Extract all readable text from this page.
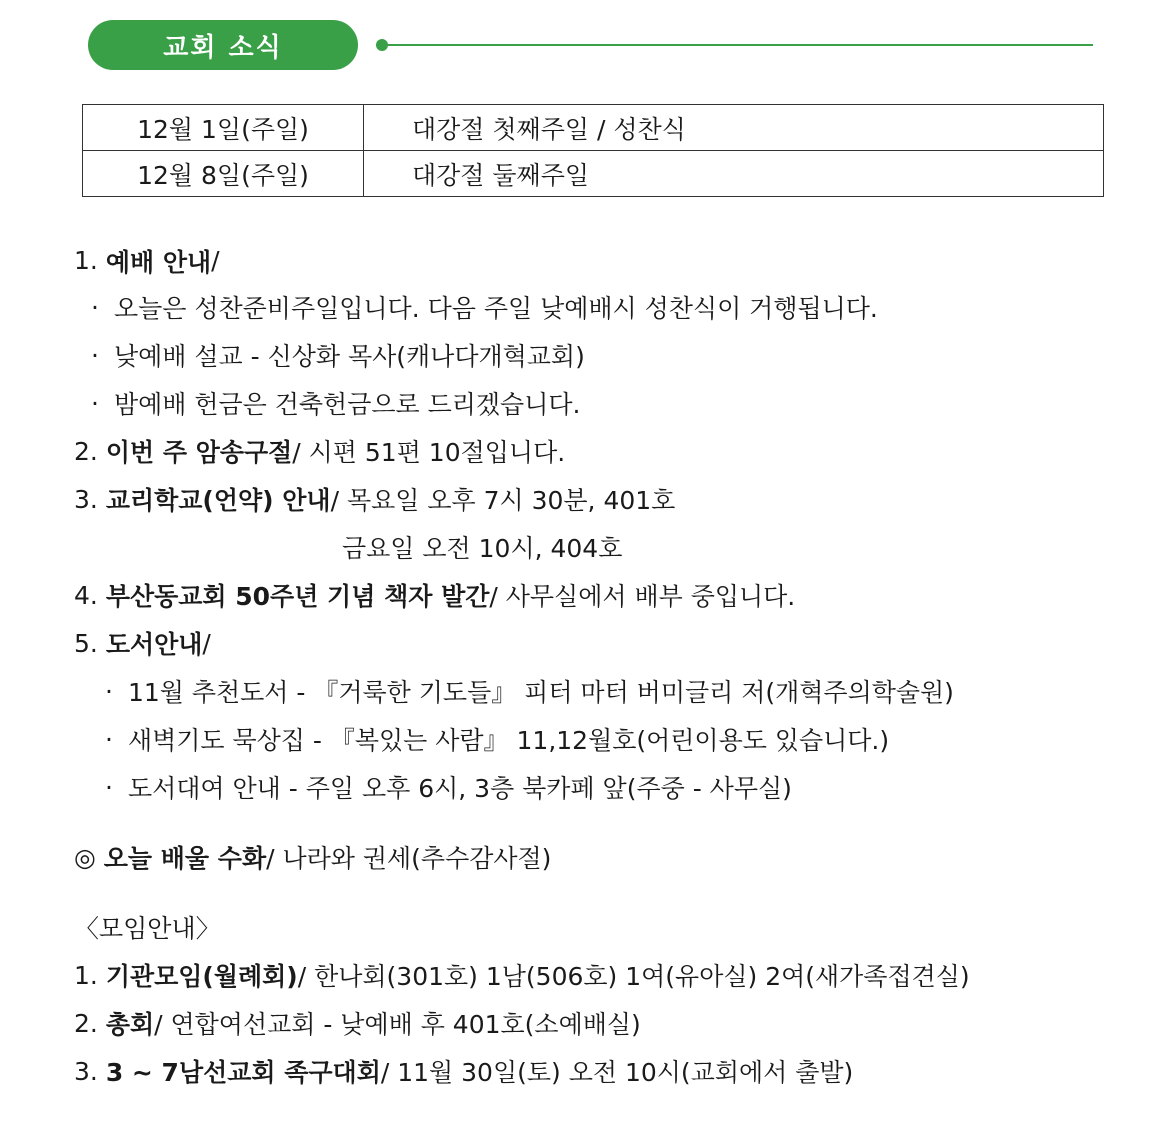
교회 소식
12월 1일(주일)	대강절 첫째주일 / 성찬식
12월 8일(주일)	대강절 둘째주일
1.
예배 안내 /
·
오늘은 성찬준비주일입니다. 다음 주일 낮예배시 성찬식이 거행됩니다.
·
낮예배 설교 - 신상화 목사(캐나다개혁교회)
·
밤예배 헌금은 건축헌금으로 드리겠습니다.
2.
이번 주 암송구절 / 시편 51편 10절입니다.
3.
교리학교(언약) 안내 / 목요일 오후 7시 30분, 401호
금요일 오전 10시, 404호
4.
부산동교회 50주년 기념 책자 발간 / 사무실에서 배부 중입니다.
5.
도서안내 /
·
11월 추천도서 - 『거룩한 기도들』 피터 마터 버미글리 저(개혁주의학술원)
·
새벽기도 묵상집 - 『복있는 사람』 11,12월호(어린이용도 있습니다.)
·
도서대여 안내 - 주일 오후 6시, 3층 북카페 앞(주중 - 사무실)
◎
오늘 배울 수화 / 나라와 권세(추수감사절)
〈모임안내〉
1.
기관모임(월례회) / 한나회(301호) 1남(506호) 1여(유아실) 2여(새가족접견실)
2.
총회 / 연합여선교회 - 낮예배 후 401호(소예배실)
3.
3 ~ 7남선교회 족구대회 / 11월 30일(토) 오전 10시(교회에서 출발)
